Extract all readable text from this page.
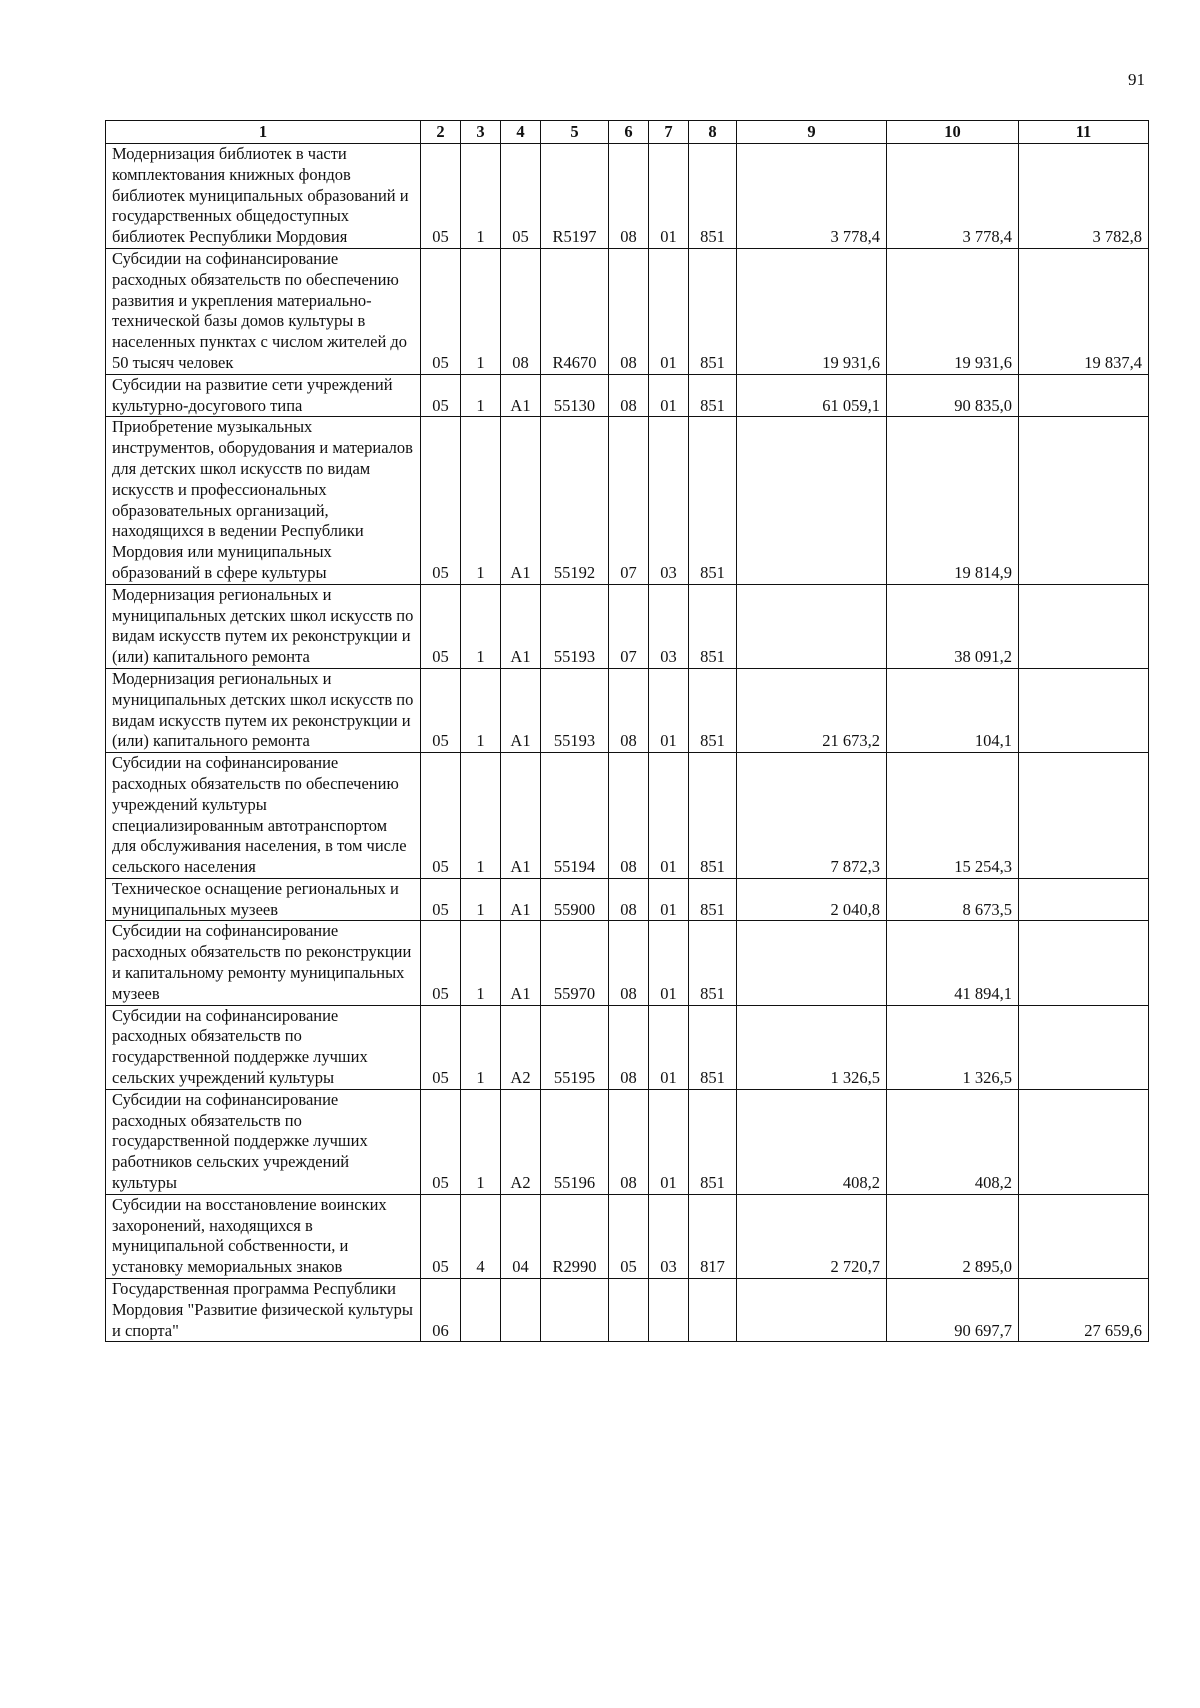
91
1	2	3	4	5	6	7	8	9	10	11
Модернизация библиотек в части комплектования книжных фондов библиотек муниципальных образований и государственных общедоступных библиотек Республики Мордовия	05	1	05	R5197	08	01	851	3 778,4	3 778,4	3 782,8
Субсидии на софинансирование расходных обязательств по обеспечению развития и укрепления материально-технической базы домов культуры в населенных пунктах с числом жителей до 50 тысяч человек	05	1	08	R4670	08	01	851	19 931,6	19 931,6	19 837,4
Субсидии на развитие сети учреждений культурно-досугового типа	05	1	A1	55130	08	01	851	61 059,1	90 835,0	
Приобретение музыкальных инструментов, оборудования и материалов для детских школ искусств по видам искусств и профессиональных образовательных организаций, находящихся в ведении Республики Мордовия или муниципальных образований в сфере культуры	05	1	A1	55192	07	03	851		19 814,9	
Модернизация региональных и муниципальных детских школ искусств по видам искусств путем их реконструкции и (или) капитального ремонта	05	1	A1	55193	07	03	851		38 091,2	
Модернизация региональных и муниципальных детских школ искусств по видам искусств путем их реконструкции и (или) капитального ремонта	05	1	A1	55193	08	01	851	21 673,2	104,1	
Субсидии на софинансирование расходных обязательств по обеспечению учреждений культуры специализированным автотранспортом для обслуживания населения, в том числе сельского населения	05	1	A1	55194	08	01	851	7 872,3	15 254,3	
Техническое оснащение региональных и муниципальных музеев	05	1	A1	55900	08	01	851	2 040,8	8 673,5	
Субсидии на софинансирование расходных обязательств по реконструкции и капитальному ремонту муниципальных музеев	05	1	A1	55970	08	01	851		41 894,1	
Субсидии на софинансирование расходных обязательств по государственной поддержке лучших сельских учреждений культуры	05	1	A2	55195	08	01	851	1 326,5	1 326,5	
Субсидии на софинансирование расходных обязательств по государственной поддержке лучших работников сельских учреждений культуры	05	1	A2	55196	08	01	851	408,2	408,2	
Субсидии на восстановление воинских захоронений, находящихся в муниципальной собственности, и установку мемориальных знаков	05	4	04	R2990	05	03	817	2 720,7	2 895,0	
Государственная программа Республики Мордовия "Развитие физической культуры и спорта"	06								90 697,7	27 659,6
